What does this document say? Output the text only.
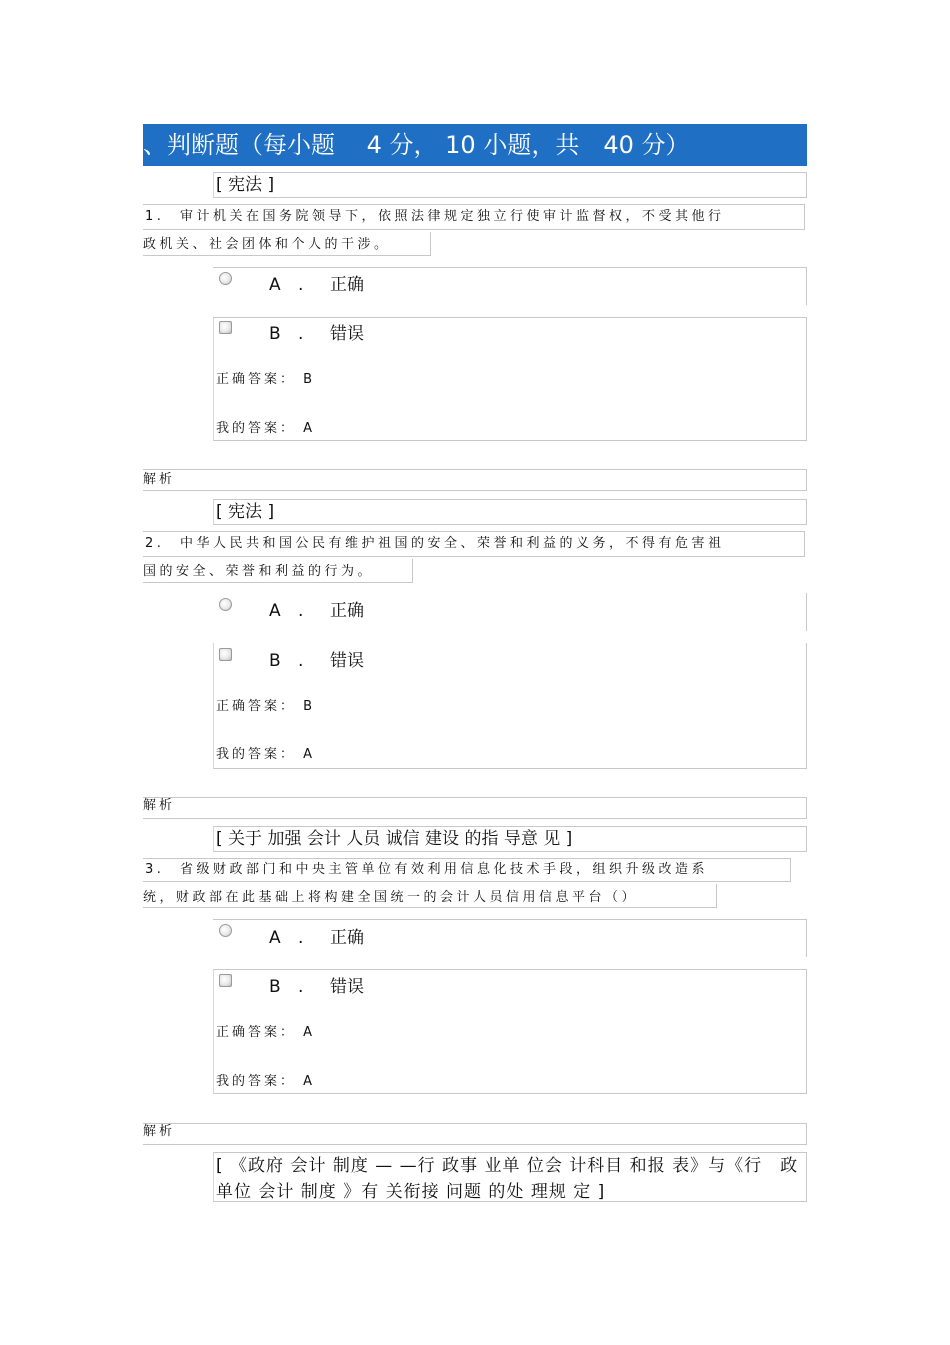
、判断题（每小题　 4 分， 10 小题，共　40 分）
[ 宪法 ]
1. 审计机关在国务院领导下，依照法律规定独立行使审计监督权，不受其他行
政机关、社会团体和个人的干涉。
A . 正确
B . 错误
正确答案： B
我的答案： A
解析
[ 宪法 ]
2. 中华人民共和国公民有维护祖国的安全、荣誉和利益的义务，不得有危害祖
国的安全、荣誉和利益的行为。
A . 正确
B . 错误
正确答案： B
我的答案： A
解析
[ 关于 加强 会计 人员 诚信 建设 的指 导意 见 ]
3. 省级财政部门和中央主管单位有效利用信息化技术手段，组织升级改造系
统，财政部在此基础上将构建全国统一的会计人员信用信息平台（）
A . 正确
B . 错误
正确答案： A
我的答案： A
解析
[ 《政府 会计 制度 — —行 政事 业单 位会 计科目 和报 表》与《行　政
单位 会计 制度 》有 关衔接 问题 的处 理规 定 ]
